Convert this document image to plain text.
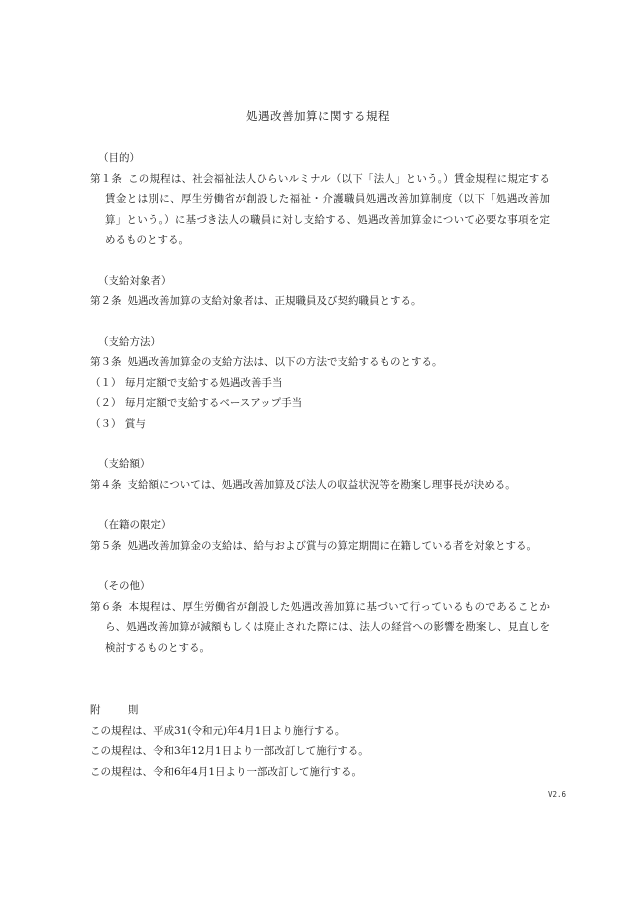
処遇改善加算に関する規程

（目的）

第１条 この規程は、社会福祉法人ひらいルミナル（以下「法人」という。）賃金規程に規定する賃金とは別に、厚生労働省が創設した福祉・介護職員処遇改善加算制度（以下「処遇改善加算」という。）に基づき法人の職員に対し支給する、処遇改善加算金について必要な事項を定めるものとする。

（支給対象者）

第２条 処遇改善加算の支給対象者は、正規職員及び契約職員とする。

（支給方法）

第３条 処遇改善加算金の支給方法は、以下の方法で支給するものとする。

（１） 毎月定額で支給する処遇改善手当

（２） 毎月定額で支給するベースアップ手当

（３） 賞与

（支給額）

第４条 支給額については、処遇改善加算及び法人の収益状況等を勘案し理事長が決める。

（在籍の限定）

第５条 処遇改善加算金の支給は、給与および賞与の算定期間に在籍している者を対象とする。

（その他）

第６条 本規程は、厚生労働省が創設した処遇改善加算に基づいて行っているものであることから、処遇改善加算が減額もしくは廃止された際には、法人の経営への影響を勘案し、見直しを検討するものとする。

附 則

この規程は、平成31(令和元)年4月1日より施行する。

この規程は、令和3年12月1日より一部改訂して施行する。

この規程は、令和6年4月1日より一部改訂して施行する。

V2.6
